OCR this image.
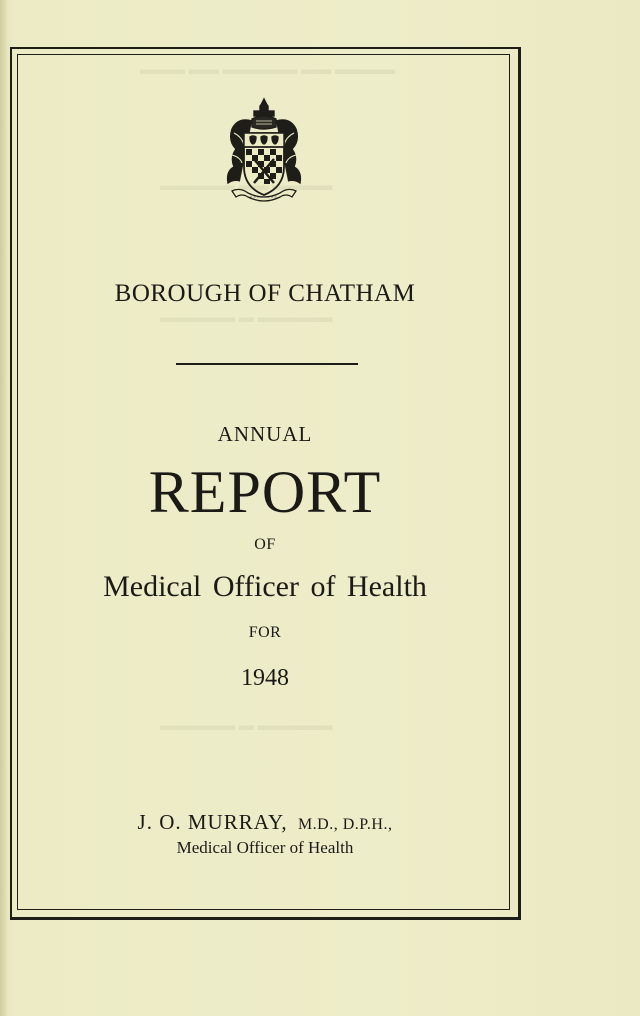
▬▬▬ ▬▬ ▬▬▬▬▬ ▬▬ ▬▬▬▬
▬▬▬▬▬ ▬▬ ▬▬▬▬
▬▬▬▬▬ ▬ ▬▬▬▬▬
▬▬▬▬▬ ▬ ▬▬▬▬▬
BOROUGH OF CHATHAM
ANNUAL
REPORT
OF
Medical Officer of Health
FOR
1948
J. O. MURRAY, M.D., D.P.H.,
Medical Officer of Health
